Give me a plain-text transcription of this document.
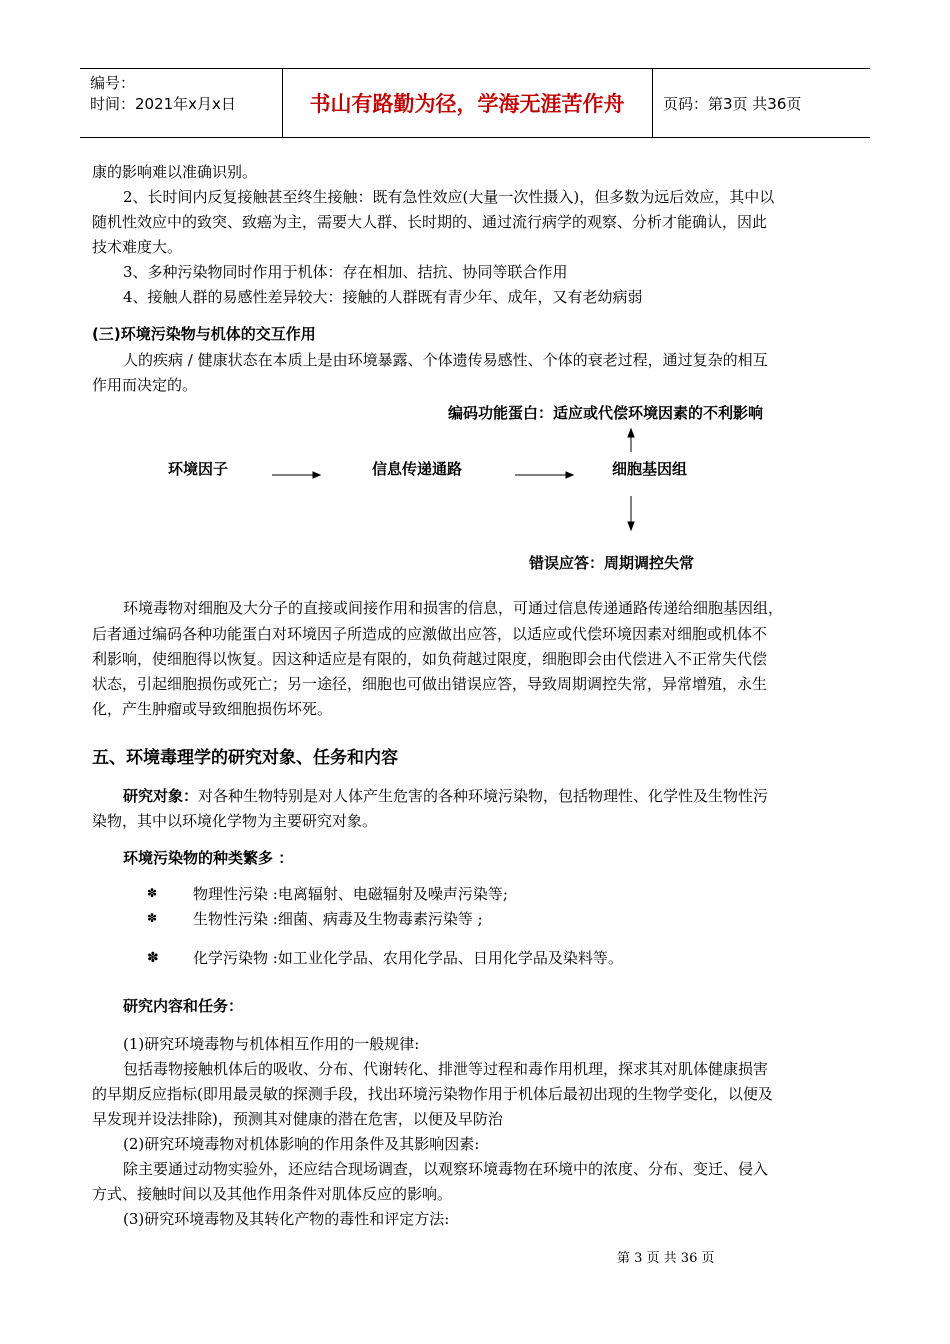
编号：
时间：2021年x月x日	书山有路勤为径，学海无涯苦作舟	页码：第3页 共36页
康的影响难以准确识别。
2、长时间内反复接触甚至终生接触：既有急性效应(大量一次性摄入)，但多数为远后效应，其中以
随机性效应中的致突、致癌为主，需要大人群、长时期的、通过流行病学的观察、分析才能确认，因此
技术难度大。
3、多种污染物同时作用于机体：存在相加、拮抗、协同等联合作用
4、接触人群的易感性差异较大：接触的人群既有青少年、成年，又有老幼病弱
(三)环境污染物与机体的交互作用
人的疾病 / 健康状态在本质上是由环境暴露、个体遗传易感性、个体的衰老过程，通过复杂的相互
作用而决定的。
编码功能蛋白：适应或代偿环境因素的不利影响
环境因子	信息传递通路	细胞基因组
错误应答：周期调控失常
环境毒物对细胞及大分子的直接或间接作用和损害的信息，可通过信息传递通路传递给细胞基因组，
后者通过编码各种功能蛋白对环境因子所造成的应激做出应答，以适应或代偿环境因素对细胞或机体不
利影响，使细胞得以恢复。因这种适应是有限的，如负荷越过限度，细胞即会由代偿进入不正常失代偿
状态，引起细胞损伤或死亡；另一途径，细胞也可做出错误应答，导致周期调控失常，异常增殖，永生
化，产生肿瘤或导致细胞损伤坏死。
五、环境毒理学的研究对象、任务和内容
研究对象：对各种生物特别是对人体产生危害的各种环境污染物，包括物理性、化学性及生物性污
染物，其中以环境化学物为主要研究对象。
环境污染物的种类繁多 ：
✽ 物理性污染 :电离辐射、电磁辐射及噪声污染等;
✽ 生物性污染 :细菌、病毒及生物毒素污染等 ;
✽ 化学污染物 :如工业化学品、农用化学品、日用化学品及染料等。
研究内容和任务：
(1)研究环境毒物与机体相互作用的一般规律:
包括毒物接触机体后的吸收、分布、代谢转化、排泄等过程和毒作用机理，探求其对肌体健康损害
的早期反应指标(即用最灵敏的探测手段，找出环境污染物作用于机体后最初出现的生物学变化，以便及
早发现并设法排除)，预测其对健康的潜在危害，以便及早防治
(2)研究环境毒物对机体影响的作用条件及其影响因素:
除主要通过动物实验外，还应结合现场调查，以观察环境毒物在环境中的浓度、分布、变迁、侵入
方式、接触时间以及其他作用条件对肌体反应的影响。
(3)研究环境毒物及其转化产物的毒性和评定方法:
第 3 页 共 36 页
